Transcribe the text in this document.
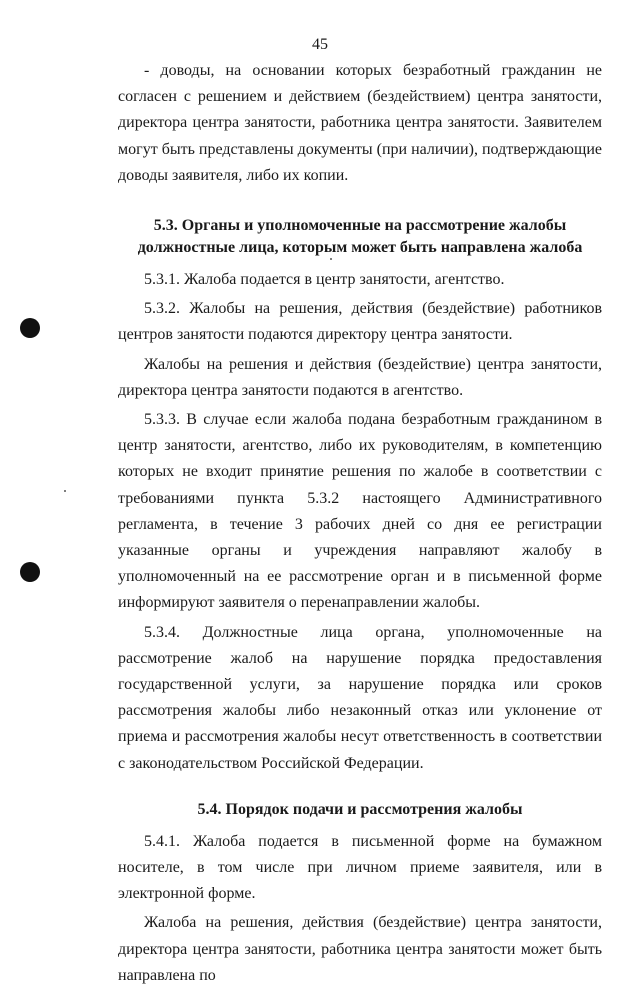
45

- доводы, на основании которых безработный гражданин не согласен с решением и действием (бездействием) центра занятости, директора центра занятости, работника центра занятости. Заявителем могут быть представлены документы (при наличии), подтверждающие доводы заявителя, либо их копии.

5.3. Органы и уполномоченные на рассмотрение жалобы должностные лица, которым может быть направлена жалоба

5.3.1. Жалоба подается в центр занятости, агентство.

5.3.2. Жалобы на решения, действия (бездействие) работников центров занятости подаются директору центра занятости.

Жалобы на решения и действия (бездействие) центра занятости, директора центра занятости подаются в агентство.

5.3.3. В случае если жалоба подана безработным гражданином в центр занятости, агентство, либо их руководителям, в компетенцию которых не входит принятие решения по жалобе в соответствии с требованиями пункта 5.3.2 настоящего Административного регламента, в течение 3 рабочих дней со дня ее регистрации указанные органы и учреждения направляют жалобу в уполномоченный на ее рассмотрение орган и в письменной форме информируют заявителя о перенаправлении жалобы.

5.3.4. Должностные лица органа, уполномоченные на рассмотрение жалоб на нарушение порядка предоставления государственной услуги, за нарушение порядка или сроков рассмотрения жалобы либо незаконный отказ или уклонение от приема и рассмотрения жалобы несут ответственность в соответствии с законодательством Российской Федерации.

5.4. Порядок подачи и рассмотрения жалобы

5.4.1. Жалоба подается в письменной форме на бумажном носителе, в том числе при личном приеме заявителя, или в электронной форме.

Жалоба на решения, действия (бездействие) центра занятости, директора центра занятости, работника центра занятости может быть направлена по
